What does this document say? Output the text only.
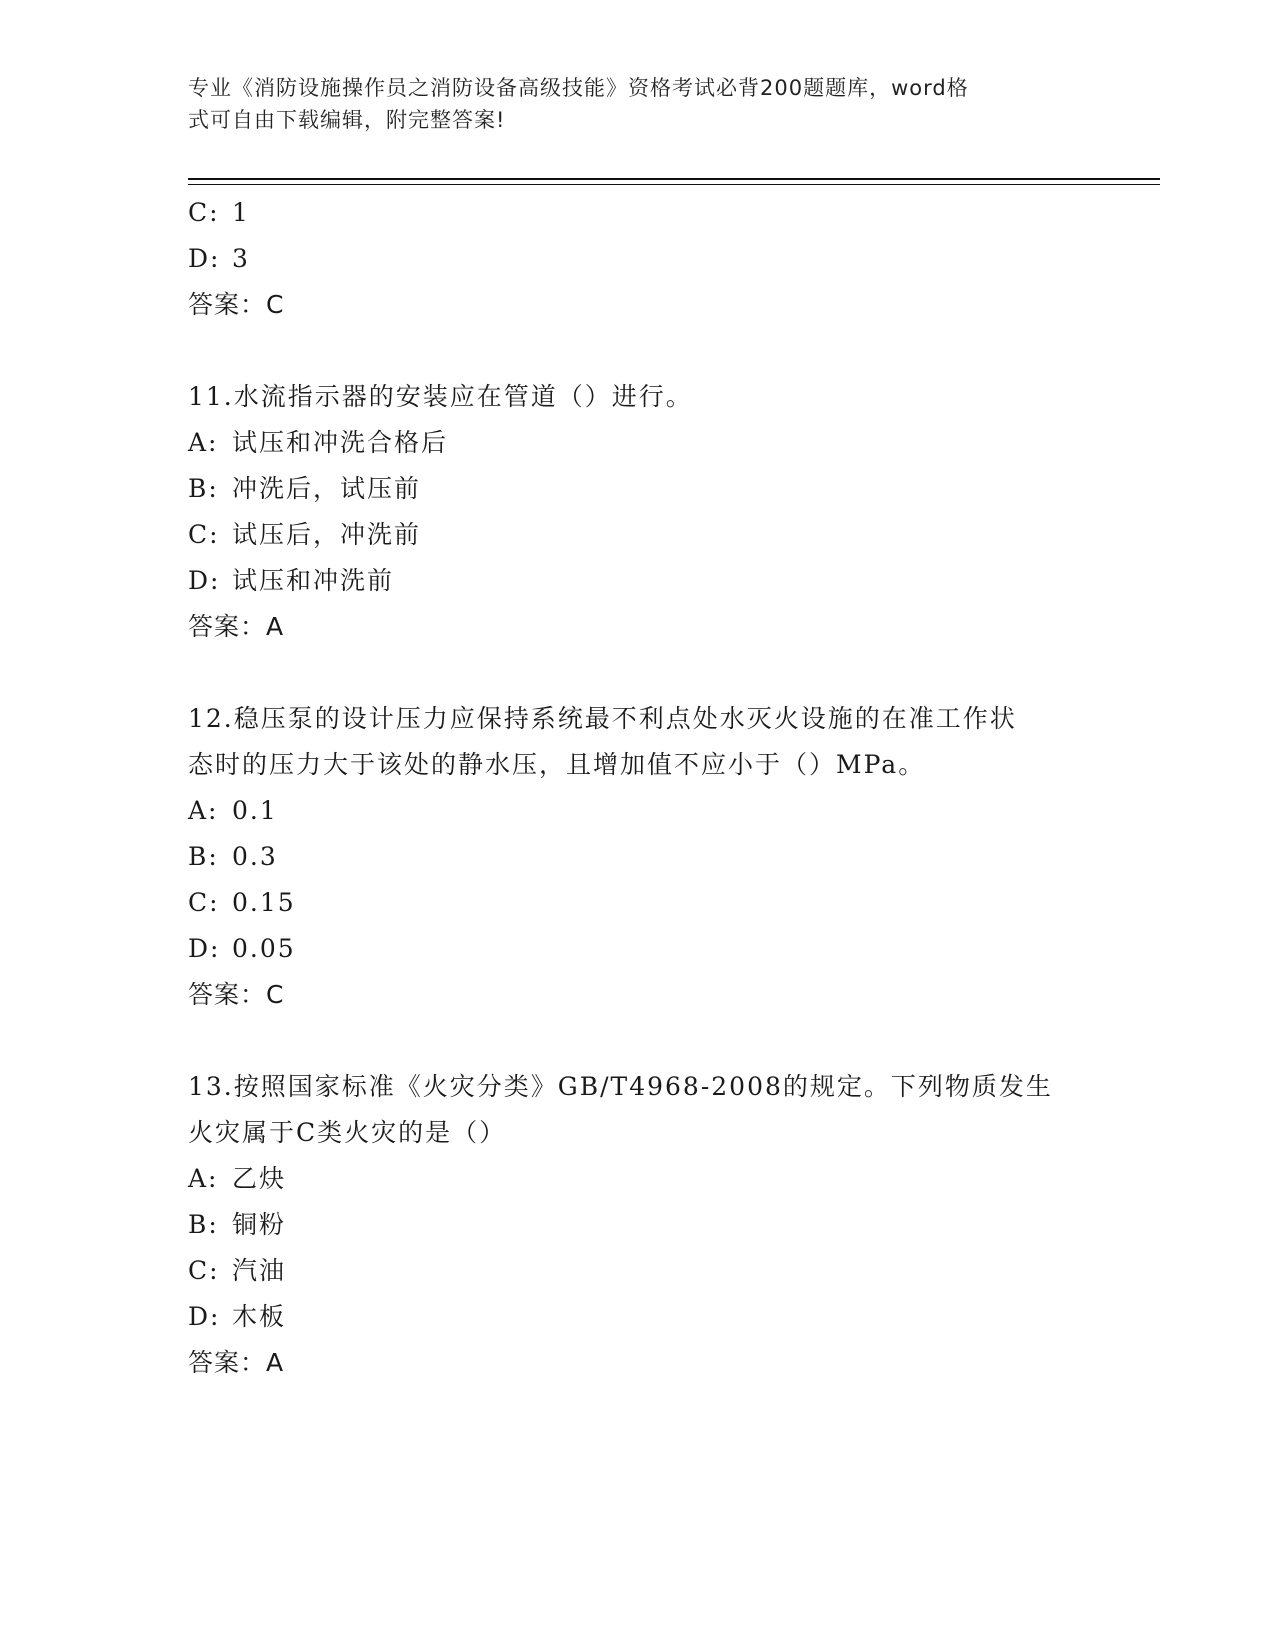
专业《消防设施操作员之消防设备高级技能》资格考试必背200题题库，word格
式可自由下载编辑，附完整答案!
C: 1
D: 3
答案：C
11.水流指示器的安装应在管道（）进行。
A: 试压和冲洗合格后
B: 冲洗后，试压前
C: 试压后，冲洗前
D: 试压和冲洗前
答案：A
12.稳压泵的设计压力应保持系统最不利点处水灭火设施的在准工作状
态时的压力大于该处的静水压，且增加值不应小于（）MPa。
A: 0.1
B: 0.3
C: 0.15
D: 0.05
答案：C
13.按照国家标准《火灾分类》GB/T4968-2008的规定。下列物质发生
火灾属于C类火灾的是（）
A: 乙炔
B: 铜粉
C: 汽油
D: 木板
答案：A
